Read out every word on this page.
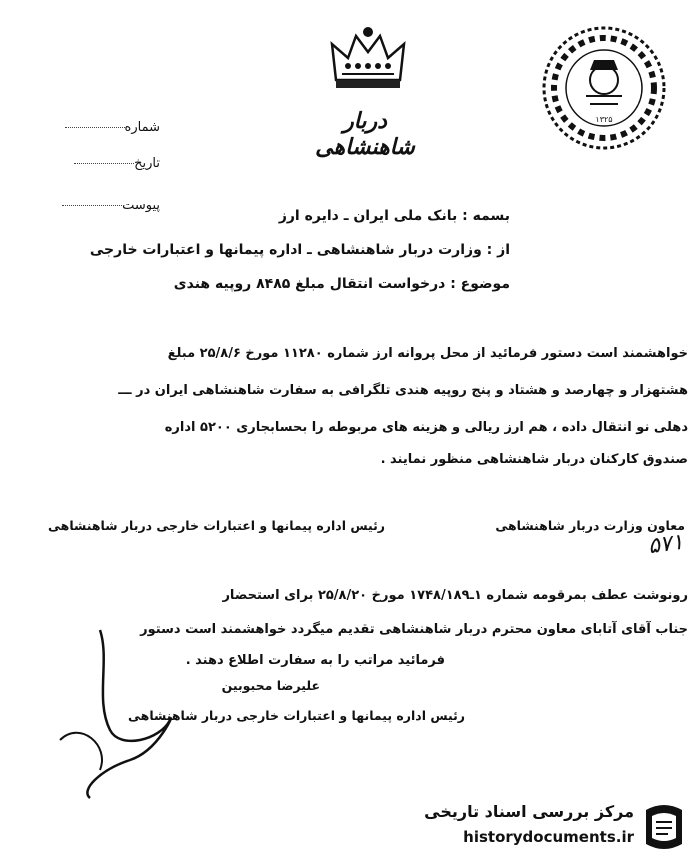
دربار شاهنشاهی
۱۳۲۵
شماره
تاریخ
پیوست
بسمه : بانک ملی ایران ـ دایره ارز
از : وزارت دربار شاهنشاهی ـ اداره پیمانها و اعتبارات خارجی
موضوع : درخواست انتقال مبلغ ۸۴۸۵ روپیه هندی
خواهشمند است دستور فرمائید از محل پروانه ارز شماره ۱۱۲۸۰ مورخ ۲۵/۸/۶ مبلغ
هشتهزار و چهارصد و هشتاد و پنج روپیه هندی تلگرافی به سفارت شاهنشاهی ایران در ـــ
دهلی نو انتقال داده ، هم ارز ریالی و هزینه های مربوطه را بحسابجاری ۵۲۰۰ اداره
صندوق کارکنان دربار شاهنشاهی منظور نمایند .
معاون وزارت دربار شاهنشاهی
رئیس اداره پیمانها و اعتبارات خارجی دربار شاهنشاهی
۵۷۱
رونوشت عطف بمرقومه شماره ۱ـ۱۷۴۸/۱۸۹ مورخ ۲۵/۸/۲۰ برای استحضار
جناب آقای آتابای معاون محترم دربار شاهنشاهی تقدیم میگردد خواهشمند است دستور
فرمائید مراتب را به سفارت اطلاع دهند .
علیرضا محبوبین
رئیس اداره پیمانها و اعتبارات خارجی دربار شاهنشاهی
مرکز بررسی اسناد تاریخی
historydocuments.ir
